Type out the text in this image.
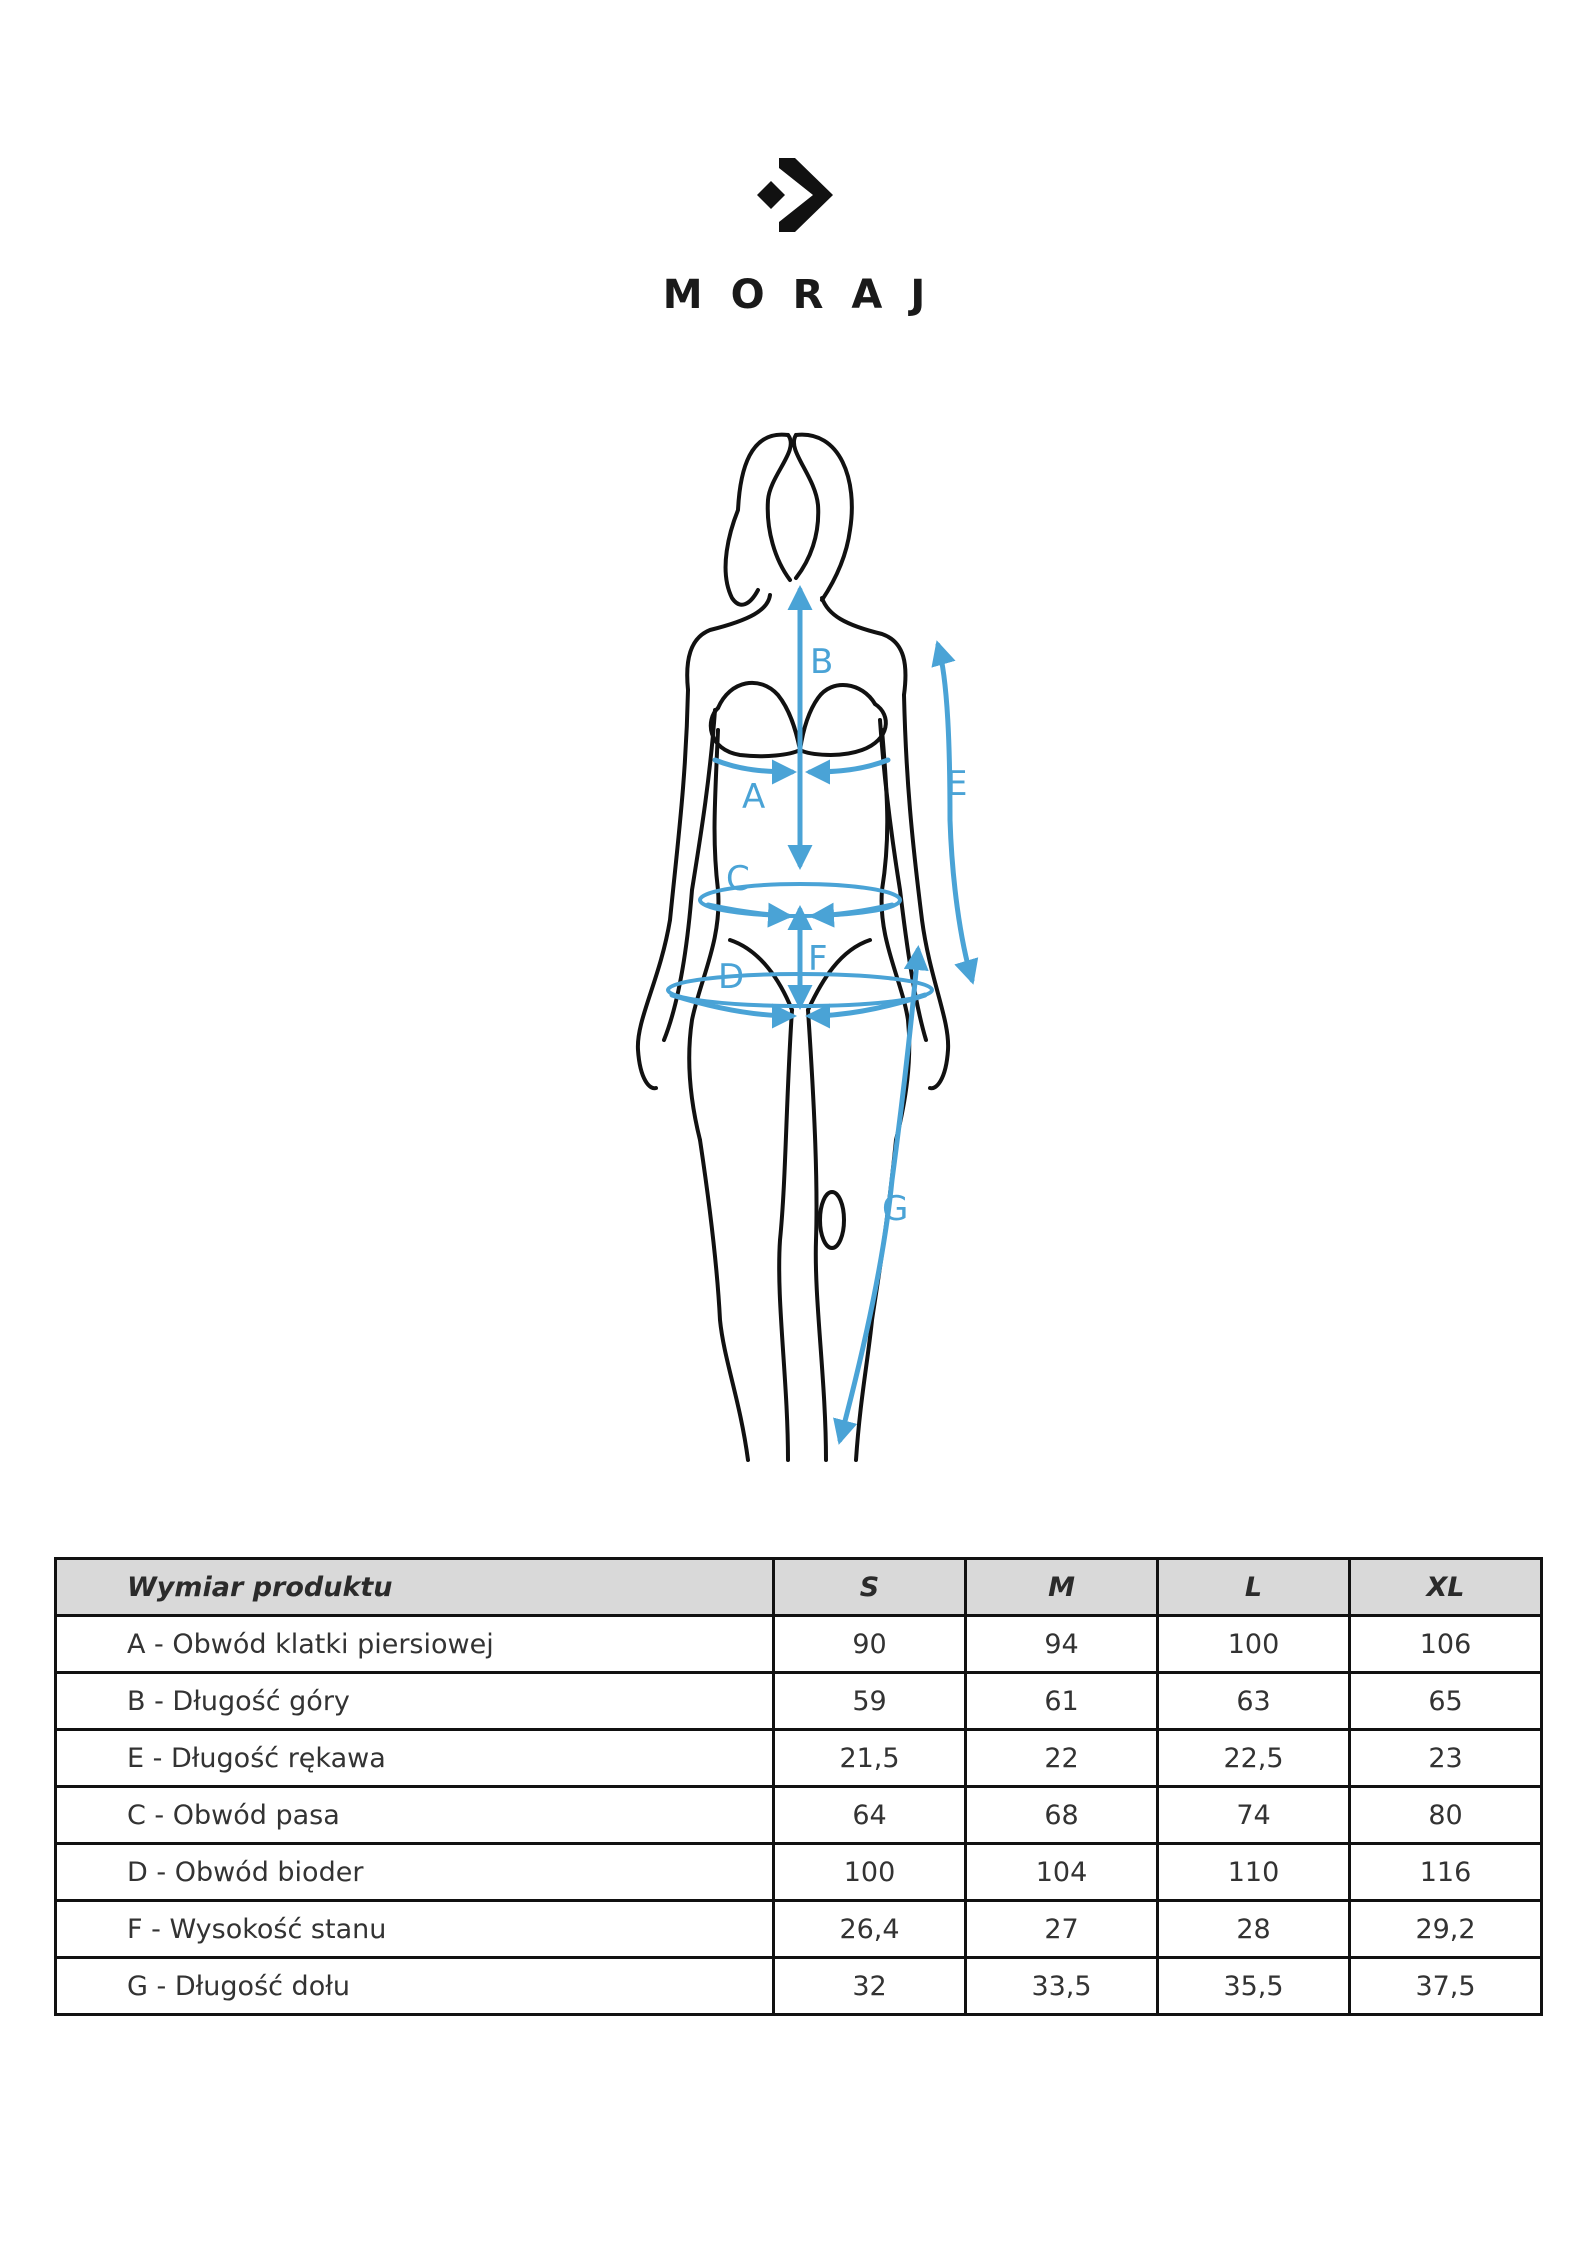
MORAJ
B
A	E
C
F
D
G
Wymiar produktu	S	M	L	XL
A - Obwód klatki piersiowej	90	94	100	106
B - Długość góry	59	61	63	65
E - Długość rękawa	21,5	22	22,5	23
C - Obwód pasa	64	68	74	80
D - Obwód bioder	100	104	110	116
F - Wysokość stanu	26,4	27	28	29,2
G - Długość dołu	32	33,5	35,5	37,5
